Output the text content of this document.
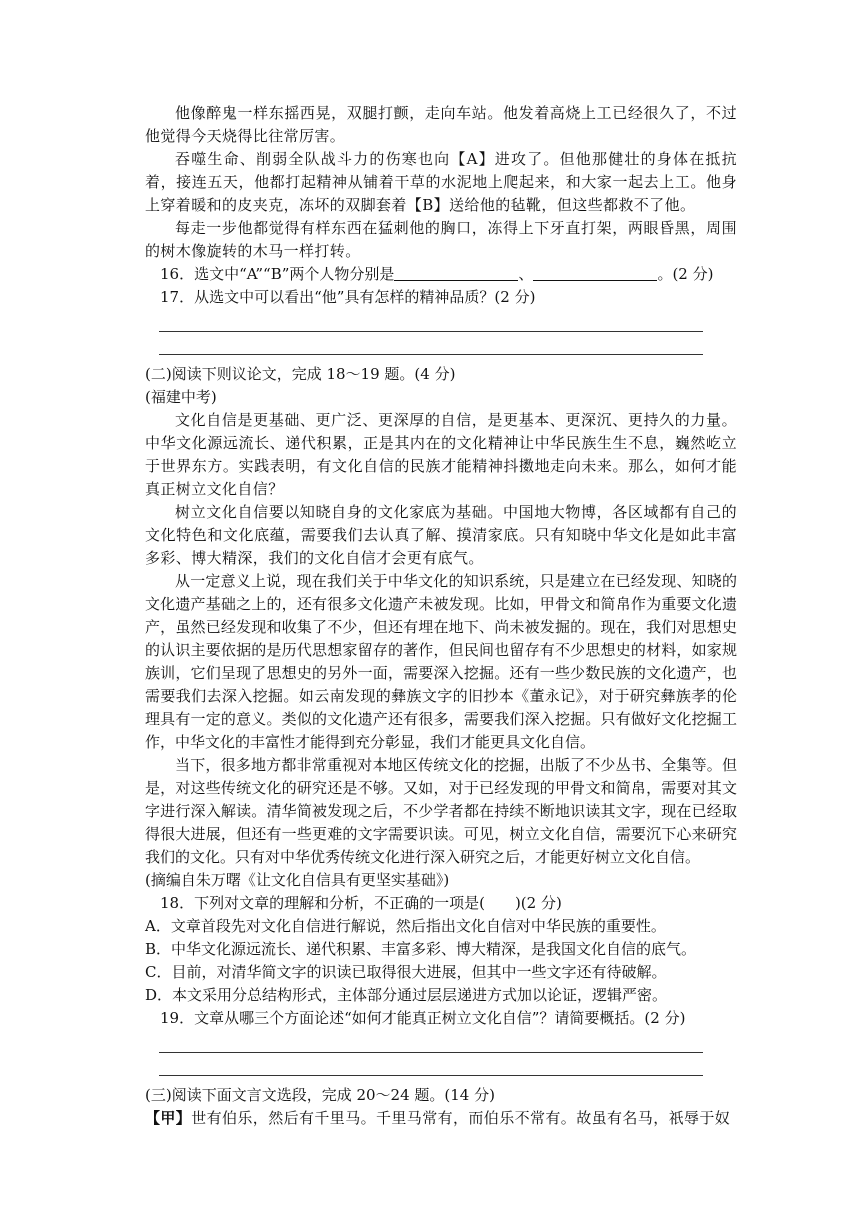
他像醉鬼一样东摇西晃，双腿打颤，走向车站。他发着高烧上工已经很久了，不过他觉得今天烧得比往常厉害。

吞噬生命、削弱全队战斗力的伤寒也向【A】进攻了。但他那健壮的身体在抵抗着，接连五天，他都打起精神从铺着干草的水泥地上爬起来，和大家一起去上工。他身上穿着暖和的皮夹克，冻坏的双脚套着【B】送给他的毡靴，但这些都救不了他。

每走一步他都觉得有样东西在猛刺他的胸口，冻得上下牙直打架，两眼昏黑，周围的树木像旋转的木马一样打转。

16．选文中“A”“B”两个人物分别是	、	。(2 分)

17．从选文中可以看出“他”具有怎样的精神品质？(2 分)

(二)阅读下则议论文，完成 18～19 题。(4 分)

(福建中考)

文化自信是更基础、更广泛、更深厚的自信，是更基本、更深沉、更持久的力量。中华文化源远流长、递代积累，正是其内在的文化精神让中华民族生生不息，巍然屹立于世界东方。实践表明，有文化自信的民族才能精神抖擞地走向未来。那么，如何才能真正树立文化自信？

树立文化自信要以知晓自身的文化家底为基础。中国地大物博，各区域都有自己的文化特色和文化底蕴，需要我们去认真了解、摸清家底。只有知晓中华文化是如此丰富多彩、博大精深，我们的文化自信才会更有底气。

从一定意义上说，现在我们关于中华文化的知识系统，只是建立在已经发现、知晓的文化遗产基础之上的，还有很多文化遗产未被发现。比如，甲骨文和简帛作为重要文化遗产，虽然已经发现和收集了不少，但还有埋在地下、尚未被发掘的。现在，我们对思想史的认识主要依据的是历代思想家留存的著作，但民间也留存有不少思想史的材料，如家规族训，它们呈现了思想史的另外一面，需要深入挖掘。还有一些少数民族的文化遗产，也需要我们去深入挖掘。如云南发现的彝族文字的旧抄本《董永记》，对于研究彝族孝的伦理具有一定的意义。类似的文化遗产还有很多，需要我们深入挖掘。只有做好文化挖掘工作，中华文化的丰富性才能得到充分彰显，我们才能更具文化自信。

当下，很多地方都非常重视对本地区传统文化的挖掘，出版了不少丛书、全集等。但是，对这些传统文化的研究还是不够。又如，对于已经发现的甲骨文和简帛，需要对其文字进行深入解读。清华简被发现之后，不少学者都在持续不断地识读其文字，现在已经取得很大进展，但还有一些更难的文字需要识读。可见，树立文化自信，需要沉下心来研究我们的文化。只有对中华优秀传统文化进行深入研究之后，才能更好树立文化自信。

(摘编自朱万曙《让文化自信具有更坚实基础》)

18．下列对文章的理解和分析，不正确的一项是(　　)(2 分)

A．文章首段先对文化自信进行解说，然后指出文化自信对中华民族的重要性。

B．中华文化源远流长、递代积累、丰富多彩、博大精深，是我国文化自信的底气。

C．目前，对清华简文字的识读已取得很大进展，但其中一些文字还有待破解。

D．本文采用分总结构形式，主体部分通过层层递进方式加以论证，逻辑严密。

19．文章从哪三个方面论述“如何才能真正树立文化自信”？请简要概括。(2 分)

(三)阅读下面文言文选段，完成 20～24 题。(14 分)

【甲】世有伯乐，然后有千里马。千里马常有，而伯乐不常有。故虽有名马，祇辱于奴
